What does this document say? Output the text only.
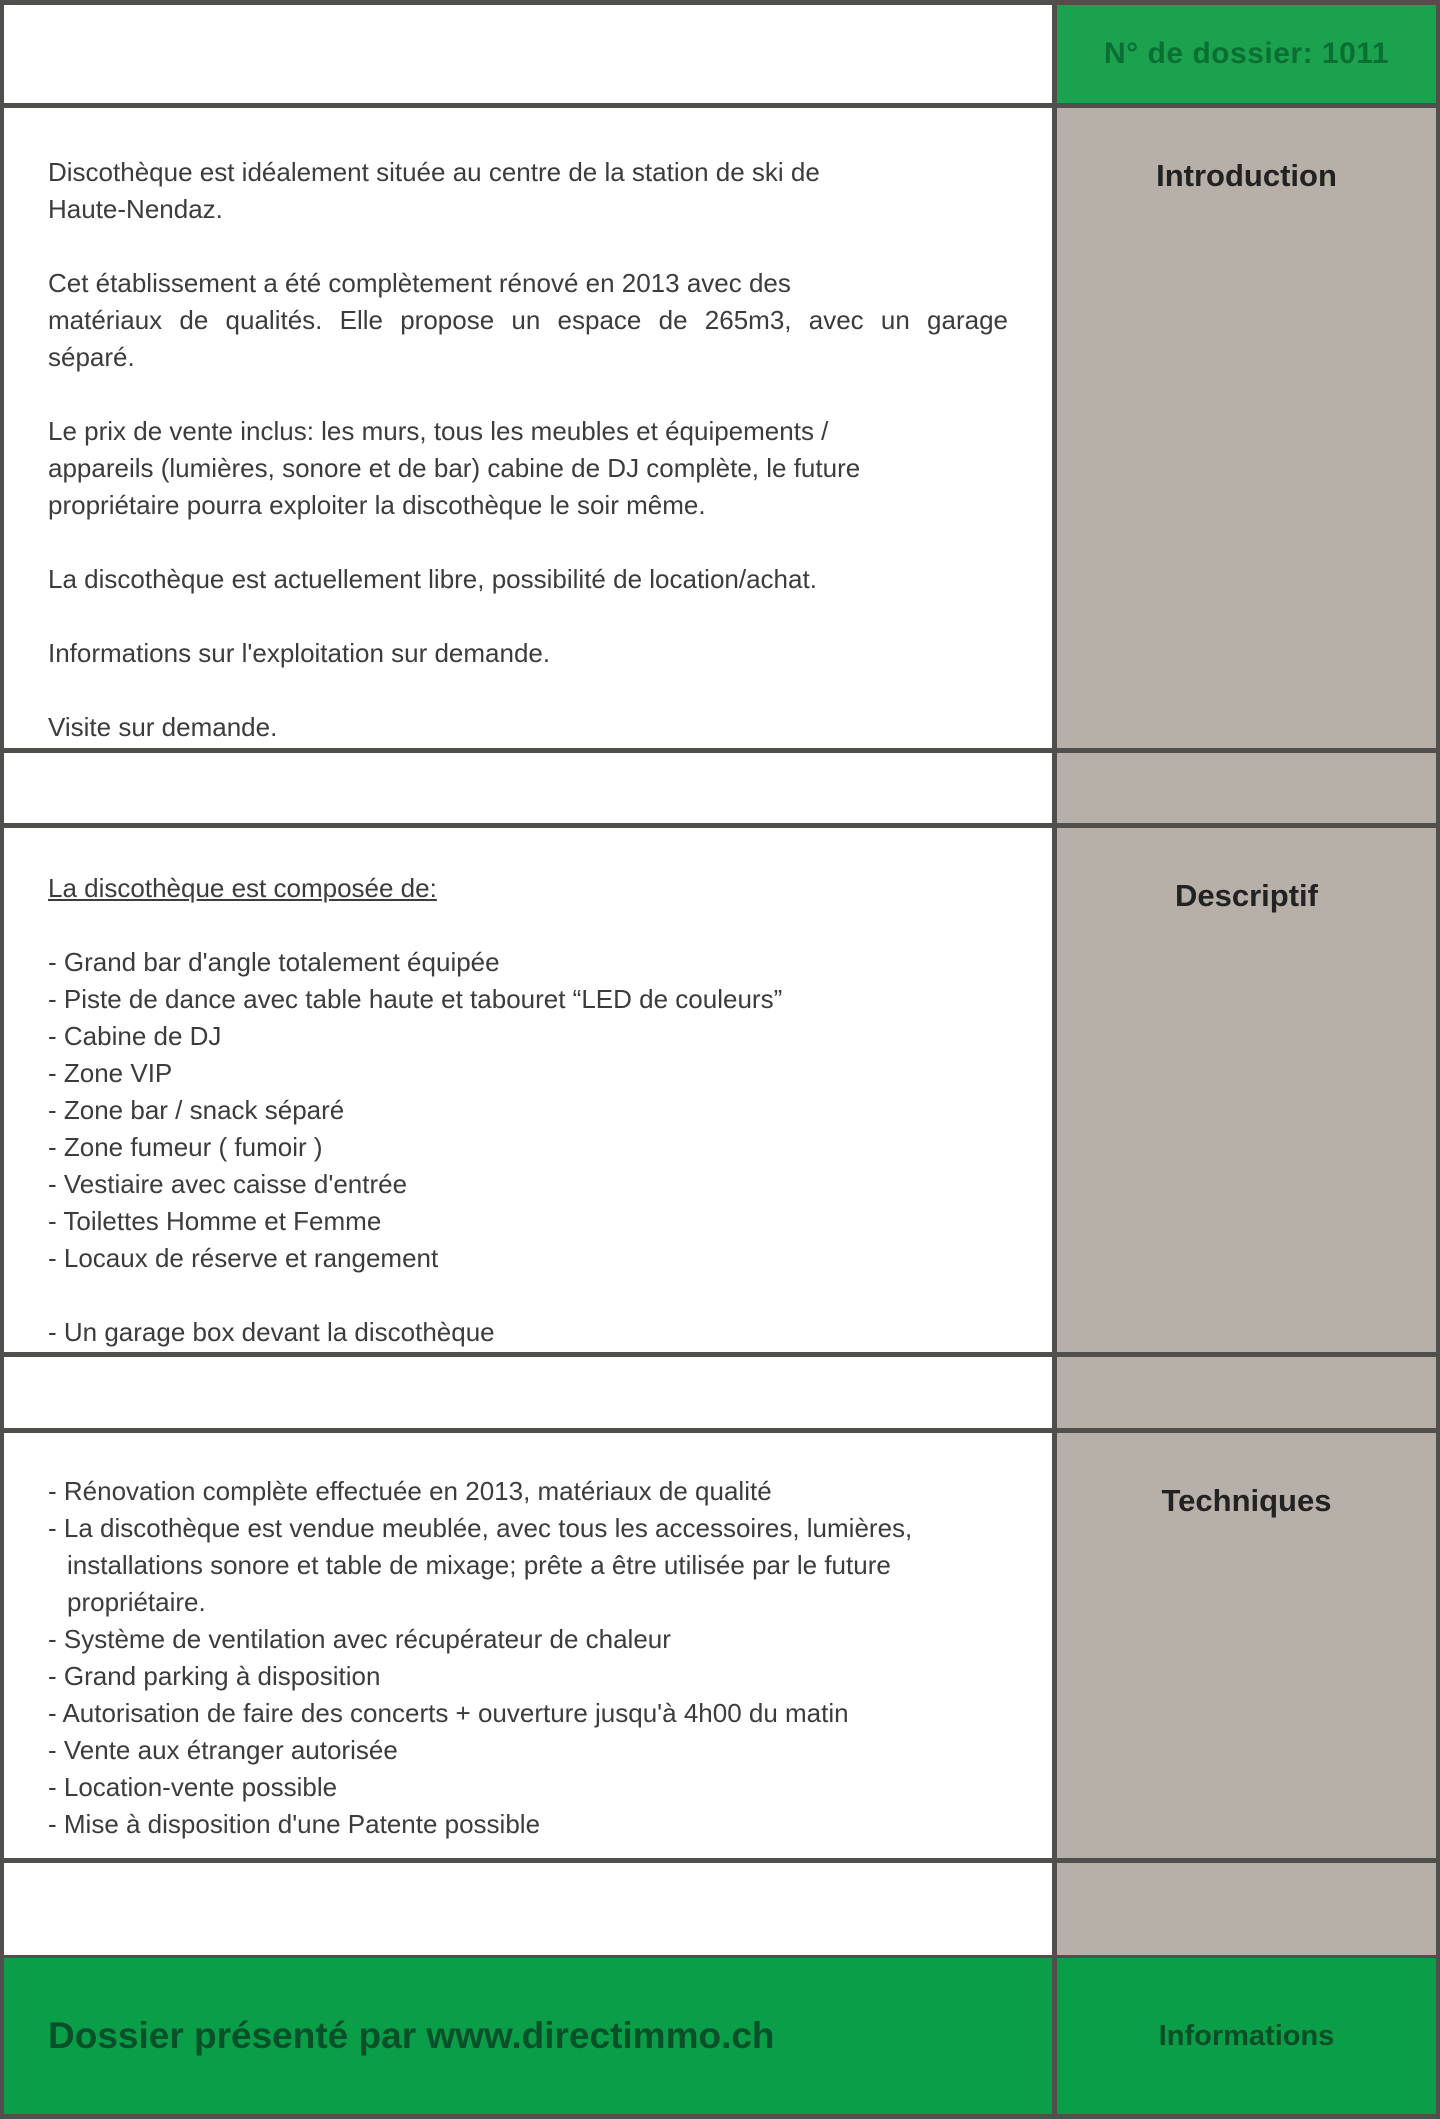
N° de dossier: 1011
Discothèque est idéalement située au centre de la station de ski de
Haute-Nendaz.
Cet établissement a été complètement rénové en 2013 avec des
matériaux de qualités. Elle propose un espace de 265m3, avec un garage
séparé.
Le prix de vente inclus: les murs, tous les meubles et équipements /
appareils (lumières, sonore et de bar) cabine de DJ complète, le future
propriétaire pourra exploiter la discothèque le soir même.
La discothèque est actuellement libre, possibilité de location/achat.
Informations sur l'exploitation sur demande.
Visite sur demande.
Introduction
La discothèque est composée de:
- Grand bar d'angle totalement équipée
- Piste de dance avec table haute et tabouret “LED de couleurs”
- Cabine de DJ
- Zone VIP
- Zone bar / snack séparé
- Zone fumeur ( fumoir )
- Vestiaire avec caisse d'entrée
- Toilettes Homme et Femme
- Locaux de réserve et rangement
- Un garage box devant la discothèque
Descriptif
- Rénovation complète effectuée en 2013, matériaux de qualité
- La discothèque est vendue meublée, avec tous les accessoires, lumières,
installations sonore et table de mixage; prête a être utilisée par le future
propriétaire.
- Système de ventilation avec récupérateur de chaleur
- Grand parking à disposition
- Autorisation de faire des concerts + ouverture jusqu'à 4h00 du matin
- Vente aux étranger autorisée
- Location-vente possible
- Mise à disposition d'une Patente possible
Techniques
Dossier présenté par www.directimmo.ch	Informations
